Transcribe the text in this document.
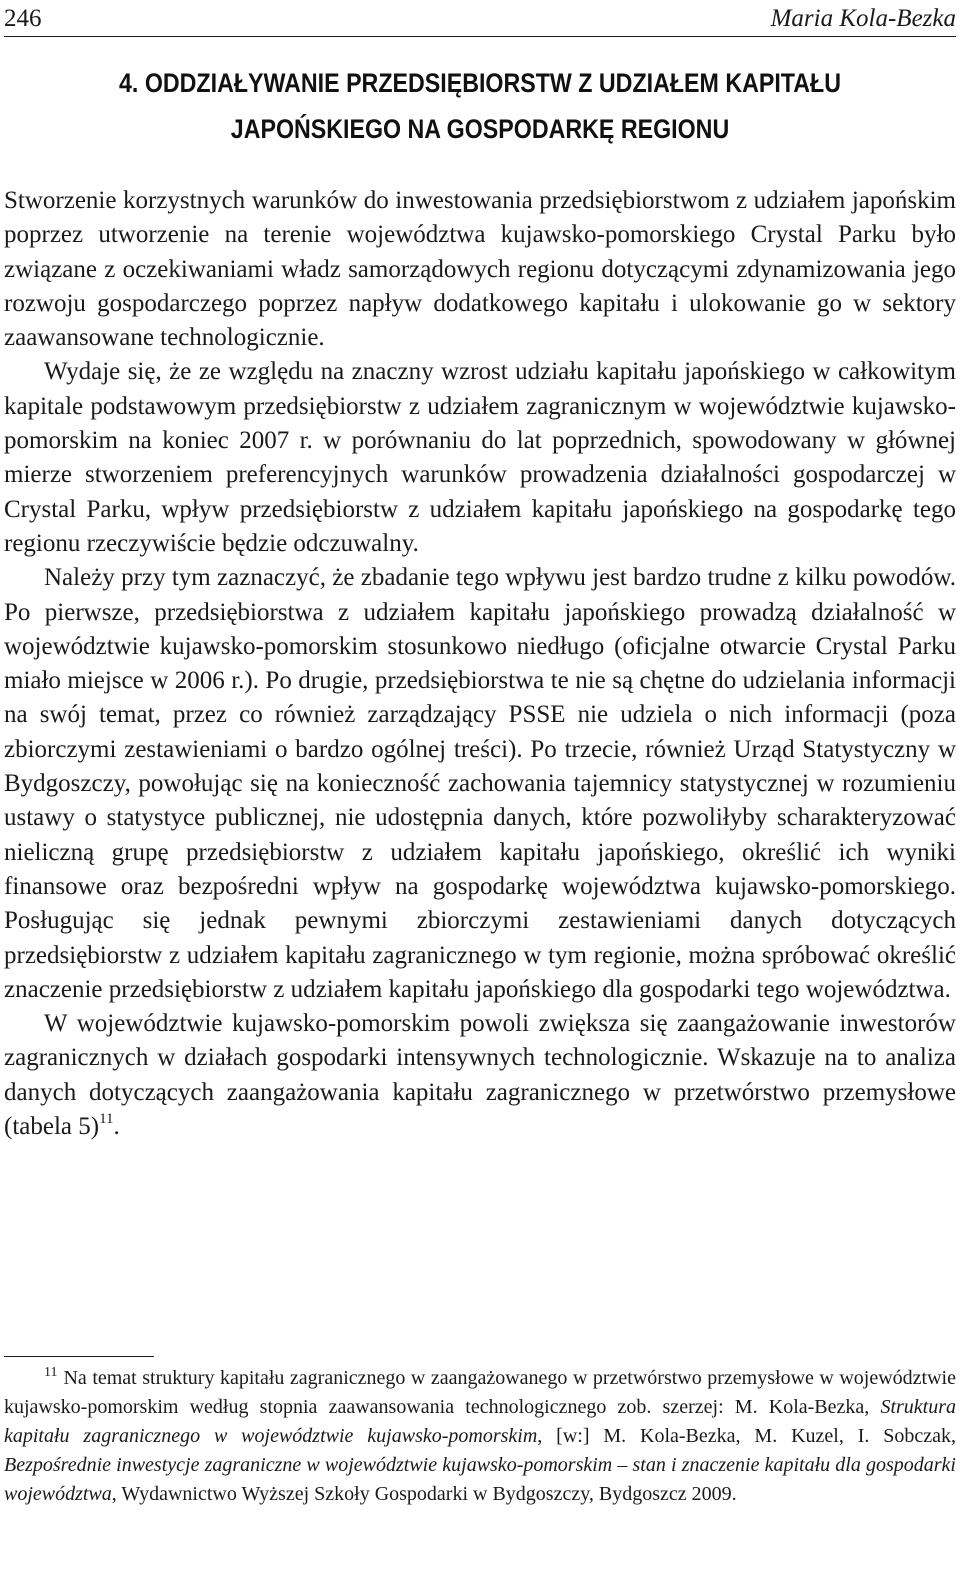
246	Maria Kola-Bezka
4. ODDZIAŁYWANIE PRZEDSIĘBIORSTW Z UDZIAŁEM KAPITAŁU
JAPOŃSKIEGO NA GOSPODARKĘ REGIONU

Stworzenie korzystnych warunków do inwestowania przedsiębiorstwom z udziałem japońskim poprzez utworzenie na terenie województwa kujawsko-pomorskiego Crystal Parku było związane z oczekiwaniami władz samorządowych regionu dotyczącymi zdynamizowania jego rozwoju gospodarczego poprzez napływ dodatkowego kapitału i ulokowanie go w sektory zaawansowane technologicznie.

Wydaje się, że ze względu na znaczny wzrost udziału kapitału japońskiego w całkowitym kapitale podstawowym przedsiębiorstw z udziałem zagranicznym w województwie kujawsko-pomorskim na koniec 2007 r. w porównaniu do lat poprzednich, spowodowany w głównej mierze stworzeniem preferencyjnych warunków prowadzenia działalności gospodarczej w Crystal Parku, wpływ przedsiębiorstw z udziałem kapitału japońskiego na gospodarkę tego regionu rzeczywiście będzie odczuwalny.

Należy przy tym zaznaczyć, że zbadanie tego wpływu jest bardzo trudne z kilku powodów. Po pierwsze, przedsiębiorstwa z udziałem kapitału japońskiego prowadzą działalność w województwie kujawsko-pomorskim stosunkowo niedługo (oficjalne otwarcie Crystal Parku miało miejsce w 2006 r.). Po drugie, przedsiębiorstwa te nie są chętne do udzielania informacji na swój temat, przez co również zarządzający PSSE nie udziela o nich informacji (poza zbiorczymi zestawieniami o bardzo ogólnej treści). Po trzecie, również Urząd Statystyczny w Bydgoszczy, powołując się na konieczność zachowania tajemnicy statystycznej w rozumieniu ustawy o statystyce publicznej, nie udostępnia danych, które pozwoliłyby scharakteryzować nieliczną grupę przedsiębiorstw z udziałem kapitału japońskiego, określić ich wyniki finansowe oraz bezpośredni wpływ na gospodarkę województwa kujawsko-pomorskiego. Posługując się jednak pewnymi zbiorczymi zestawieniami danych dotyczących przedsiębiorstw z udziałem kapitału zagranicznego w tym regionie, można spróbować określić znaczenie przedsiębiorstw z udziałem kapitału japońskiego dla gospodarki tego województwa.

W województwie kujawsko-pomorskim powoli zwiększa się zaangażowanie inwestorów zagranicznych w działach gospodarki intensywnych technologicznie. Wskazuje na to analiza danych dotyczących zaangażowania kapitału zagranicznego w przetwórstwo przemysłowe (tabela 5)$^{11}$.

$^{11}$ Na temat struktury kapitału zagranicznego w zaangażowanego w przetwórstwo przemysłowe w województwie kujawsko-pomorskim według stopnia zaawansowania technologicznego zob. szerzej: M. Kola-Bezka, Struktura kapitału zagranicznego w województwie kujawsko-pomorskim, [w:] M. Kola-Bezka, M. Kuzel, I. Sobczak, Bezpośrednie inwestycje zagraniczne w województwie kujawsko-pomorskim – stan i znaczenie kapitału dla gospodarki województwa, Wydawnictwo Wyższej Szkoły Gospodarki w Bydgoszczy, Bydgoszcz 2009.
